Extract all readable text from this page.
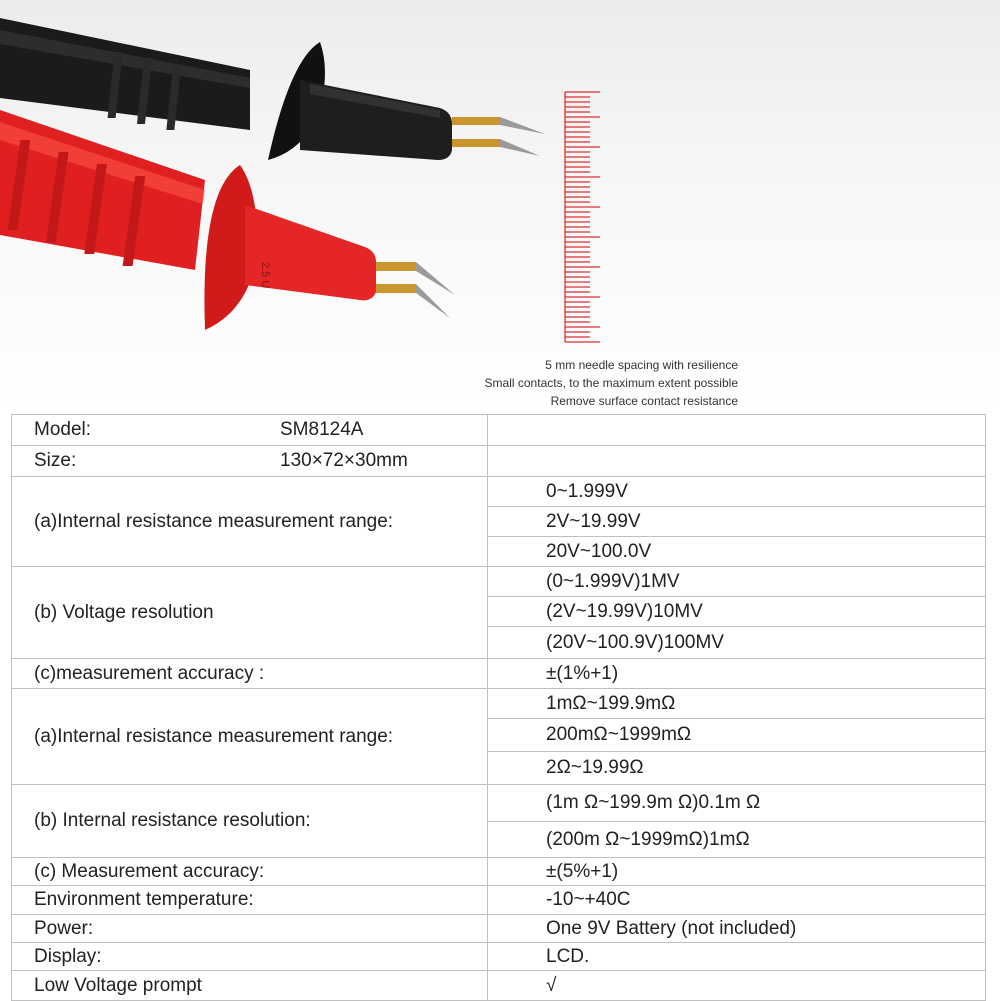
2.5 U
5 mm needle spacing with resilience
Small contacts, to the maximum extent possible
Remove surface contact resistance
Model: SM8124A	

Size: 130×72×30mm	

(a)Internal resistance measurement range:	0~1.999V
	2V~19.99V
	20V~100.0V
(b) Voltage resolution	(0~1.999V)1MV
	(2V~19.99V)10MV
	(20V~100.9V)100MV
(c)measurement accuracy :	±(1%+1)
(a)Internal resistance measurement range:	1mΩ~199.9mΩ
	200mΩ~1999mΩ
	2Ω~19.99Ω
(b) Internal resistance resolution:	(1m Ω~199.9m Ω)0.1m Ω
	(200m Ω~1999mΩ)1mΩ
(c) Measurement accuracy:	±(5%+1)
Environment temperature:	-10~+40C
Power:	One 9V Battery (not included)
Display:	LCD.
Low Voltage prompt	√
